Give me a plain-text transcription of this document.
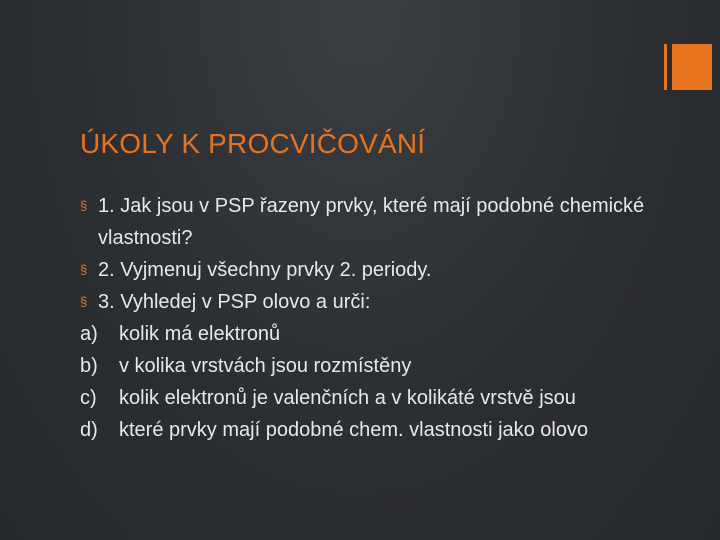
ÚKOLY K PROCVIČOVÁNÍ
§ 1. Jak jsou v PSP řazeny prvky, které mají podobné chemické vlastnosti?
§ 2. Vyjmenuj všechny prvky 2. periody.
§ 3. Vyhledej v PSP olovo a urči:
a) kolik má elektronů
b) v kolika vrstvách jsou rozmístěny
c) kolik elektronů je valenčních a v kolikáté vrstvě jsou
d) které prvky mají podobné chem. vlastnosti jako olovo
